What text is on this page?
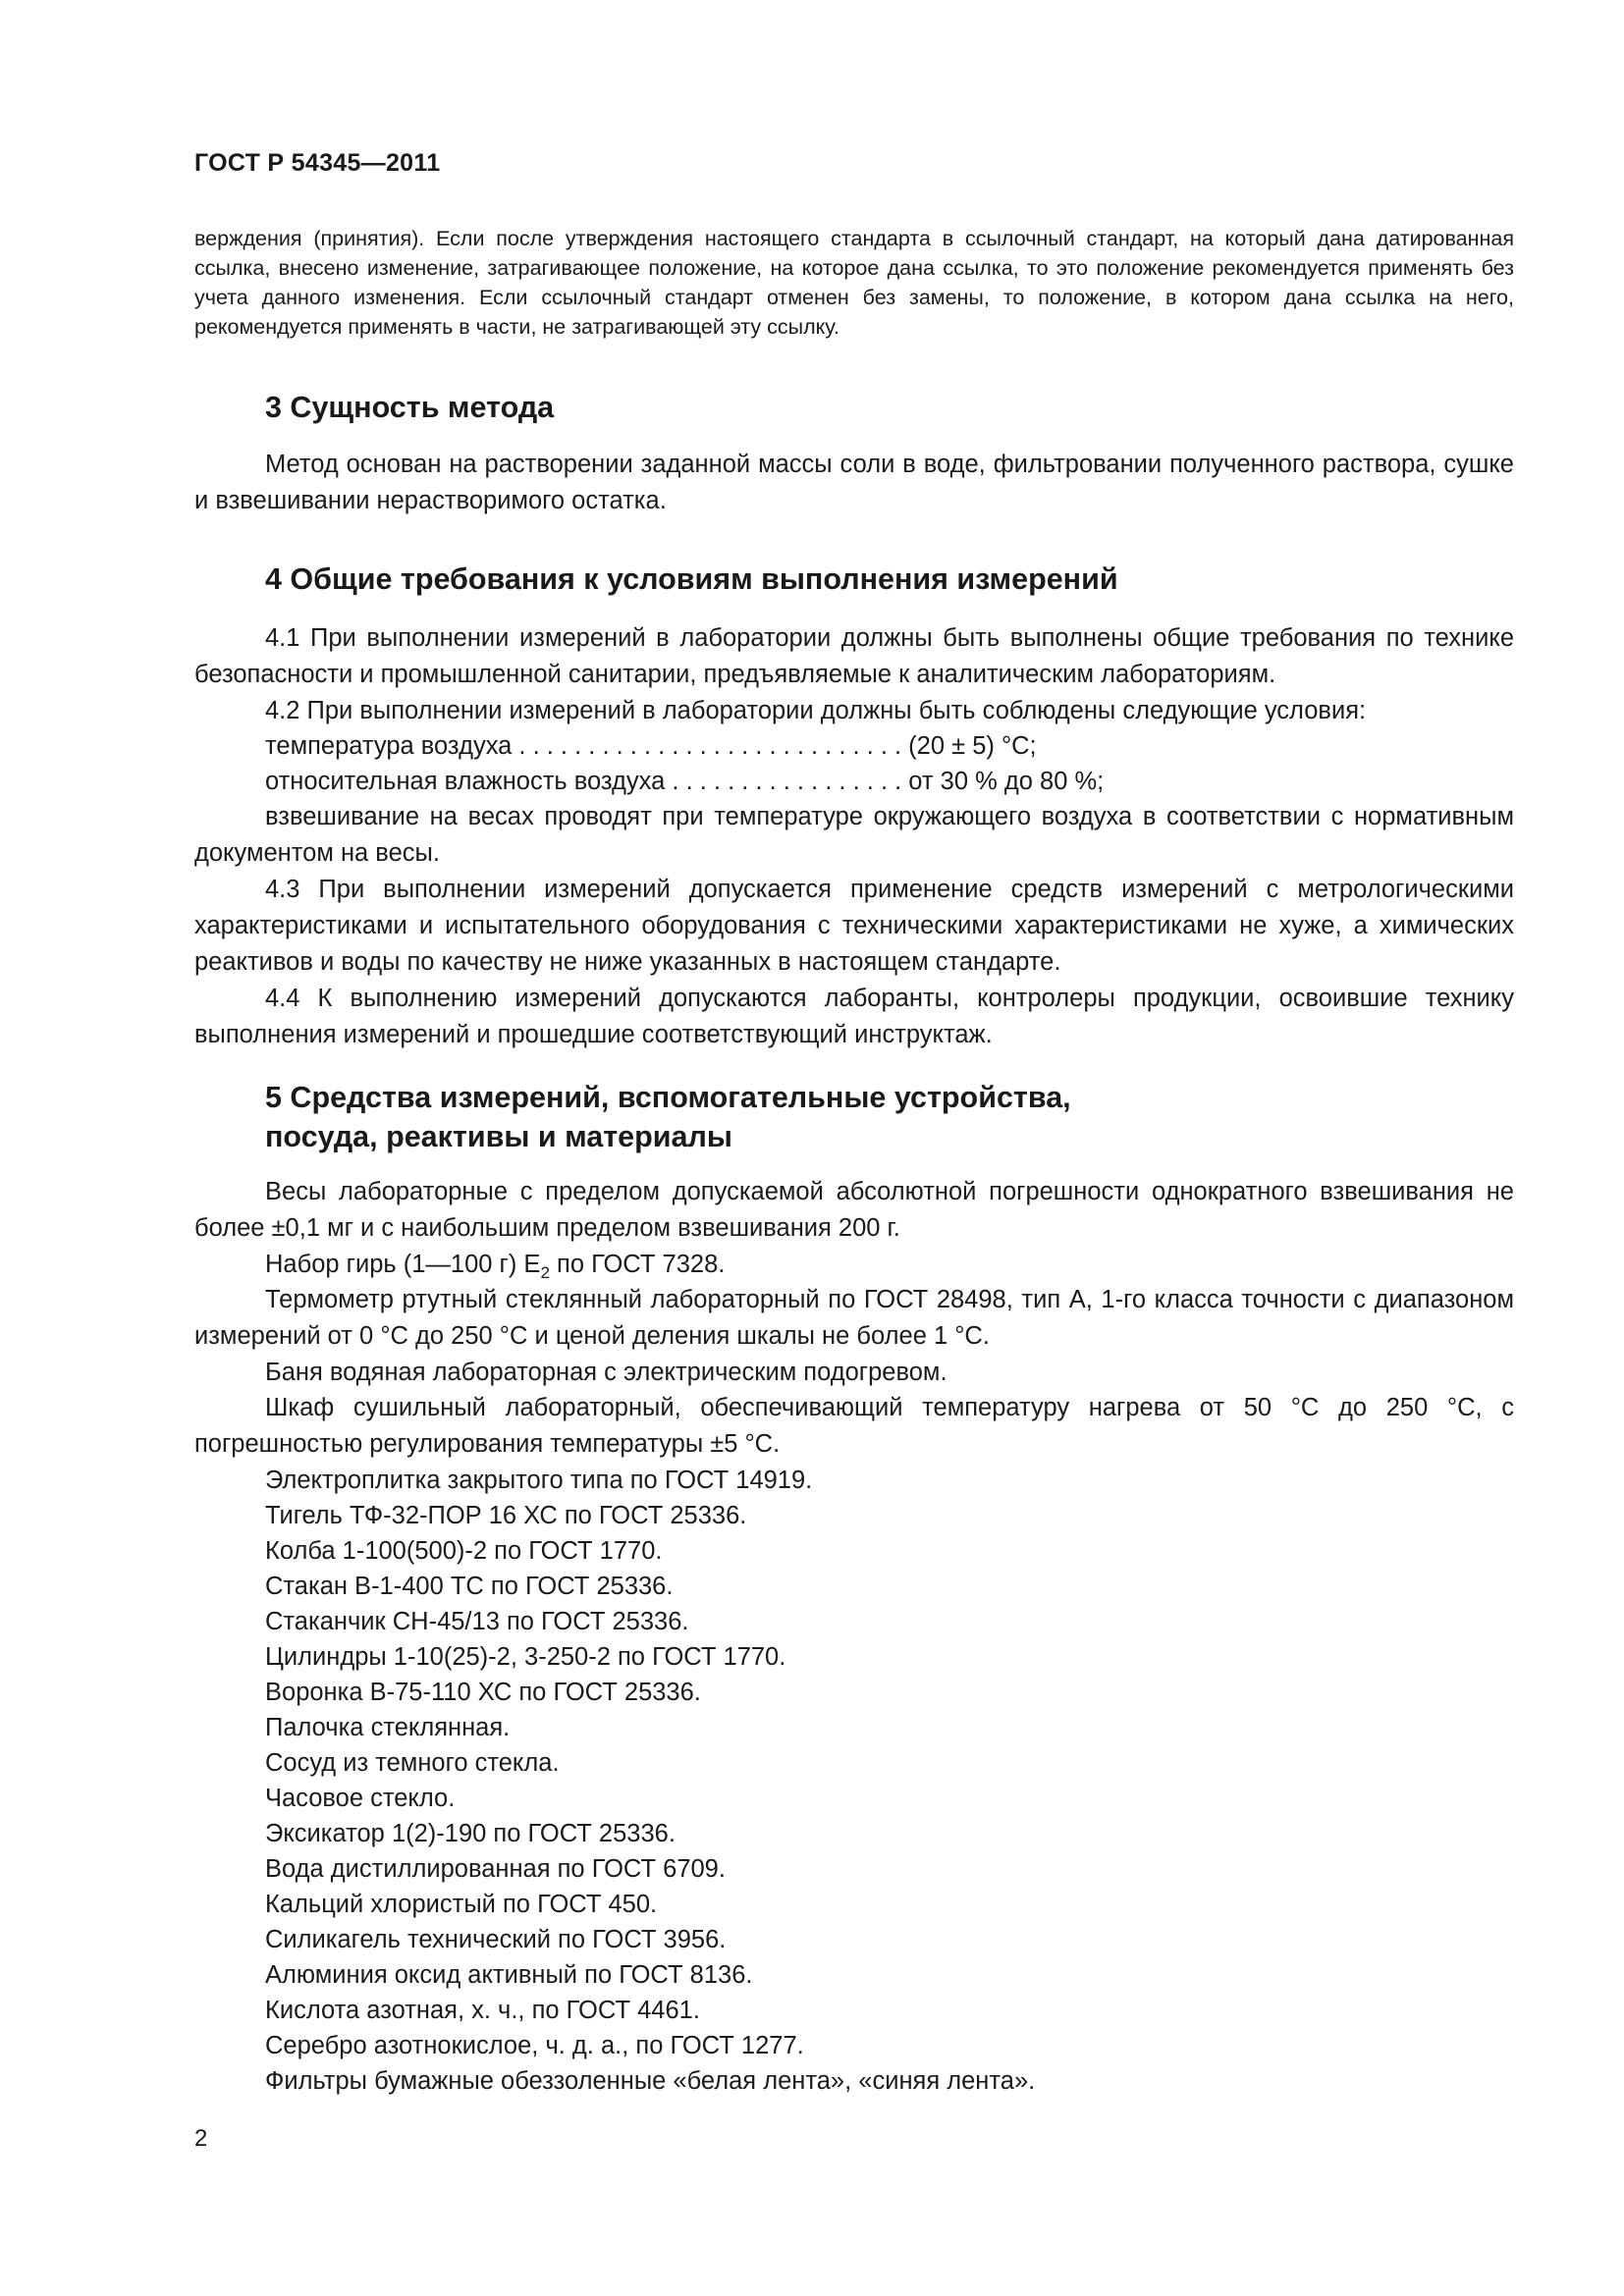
ГОСТ Р 54345—2011

верждения (принятия). Если после утверждения настоящего стандарта в ссылочный стандарт, на который дана датированная ссылка, внесено изменение, затрагивающее положение, на которое дана ссылка, то это положение рекомендуется применять без учета данного изменения. Если ссылочный стандарт отменен без замены, то положение, в котором дана ссылка на него, рекомендуется применять в части, не затрагивающей эту ссылку.

3 Сущность метода

Метод основан на растворении заданной массы соли в воде, фильтровании полученного раствора, сушке и взвешивании нерастворимого остатка.

4 Общие требования к условиям выполнения измерений

4.1 При выполнении измерений в лаборатории должны быть выполнены общие требования по технике безопасности и промышленной санитарии, предъявляемые к аналитическим лабораториям.

4.2 При выполнении измерений в лаборатории должны быть соблюдены следующие условия:

температура воздуха . . . . . . . . . . . . . . . . . . . . . . . . . . . . (20 ± 5) °С;

относительная влажность воздуха . . . . . . . . . . . . . . . . . от 30 % до 80 %;

взвешивание на весах проводят при температуре окружающего воздуха в соответствии с нормативным документом на весы.

4.3 При выполнении измерений допускается применение средств измерений с метрологическими характеристиками и испытательного оборудования с техническими характеристиками не хуже, а химических реактивов и воды по качеству не ниже указанных в настоящем стандарте.

4.4 К выполнению измерений допускаются лаборанты, контролеры продукции, освоившие технику выполнения измерений и прошедшие соответствующий инструктаж.

5 Средства измерений, вспомогательные устройства,
посуда, реактивы и материалы

Весы лабораторные с пределом допускаемой абсолютной погрешности однократного взвешивания не более ±0,1 мг и с наибольшим пределом взвешивания 200 г.

Набор гирь (1—100 г) $E_2$ по ГОСТ 7328.

Термометр ртутный стеклянный лабораторный по ГОСТ 28498, тип А, 1-го класса точности с диапазоном измерений от 0 °С до 250 °С и ценой деления шкалы не более 1 °С.

Баня водяная лабораторная с электрическим подогревом.

Шкаф сушильный лабораторный, обеспечивающий температуру нагрева от 50 °С до 250 °С, с погрешностью регулирования температуры ±5 °С.

Электроплитка закрытого типа по ГОСТ 14919.

Тигель ТФ-32-ПОР 16 ХС по ГОСТ 25336.

Колба 1-100(500)-2 по ГОСТ 1770.

Стакан В-1-400 ТС по ГОСТ 25336.

Стаканчик СН-45/13 по ГОСТ 25336.

Цилиндры 1-10(25)-2, 3-250-2 по ГОСТ 1770.

Воронка В-75-110 ХС по ГОСТ 25336.

Палочка стеклянная.

Сосуд из темного стекла.

Часовое стекло.

Эксикатор 1(2)-190 по ГОСТ 25336.

Вода дистиллированная по ГОСТ 6709.

Кальций хлористый по ГОСТ 450.

Силикагель технический по ГОСТ 3956.

Алюминия оксид активный по ГОСТ 8136.

Кислота азотная, х. ч., по ГОСТ 4461.

Серебро азотнокислое, ч. д. а., по ГОСТ 1277.

Фильтры бумажные обеззоленные «белая лента», «синяя лента».

2
